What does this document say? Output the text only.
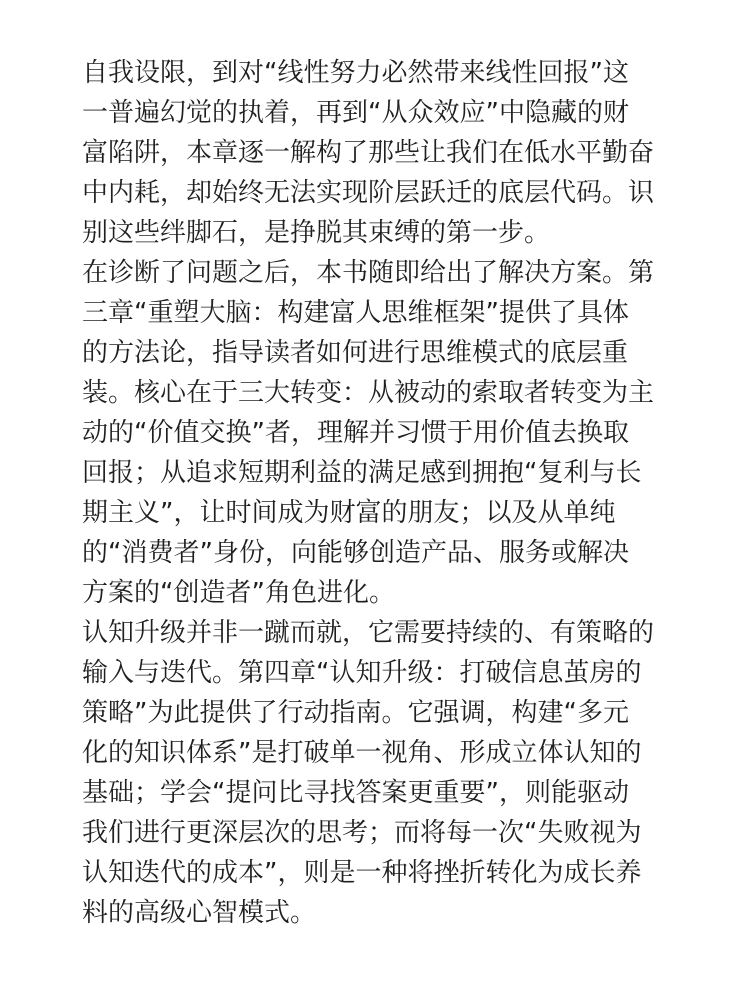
自我设限，到对“线性努力必然带来线性回报”这
一普遍幻觉的执着，再到“从众效应”中隐藏的财
富陷阱，本章逐一解构了那些让我们在低水平勤奋
中内耗，却始终无法实现阶层跃迁的底层代码。识
别这些绊脚石，是挣脱其束缚的第一步。

在诊断了问题之后，本书随即给出了解决方案。第
三章“重塑大脑：构建富人思维框架”提供了具体
的方法论，指导读者如何进行思维模式的底层重
装。核心在于三大转变：从被动的索取者转变为主
动的“价值交换”者，理解并习惯于用价值去换取
回报；从追求短期利益的满足感到拥抱“复利与长
期主义”，让时间成为财富的朋友；以及从单纯
的“消费者”身份，向能够创造产品、服务或解决
方案的“创造者”角色进化。

认知升级并非一蹴而就，它需要持续的、有策略的
输入与迭代。第四章“认知升级：打破信息茧房的
策略”为此提供了行动指南。它强调，构建“多元
化的知识体系”是打破单一视角、形成立体认知的
基础；学会“提问比寻找答案更重要”，则能驱动
我们进行更深层次的思考；而将每一次“失败视为
认知迭代的成本”，则是一种将挫折转化为成长养
料的高级心智模式。
